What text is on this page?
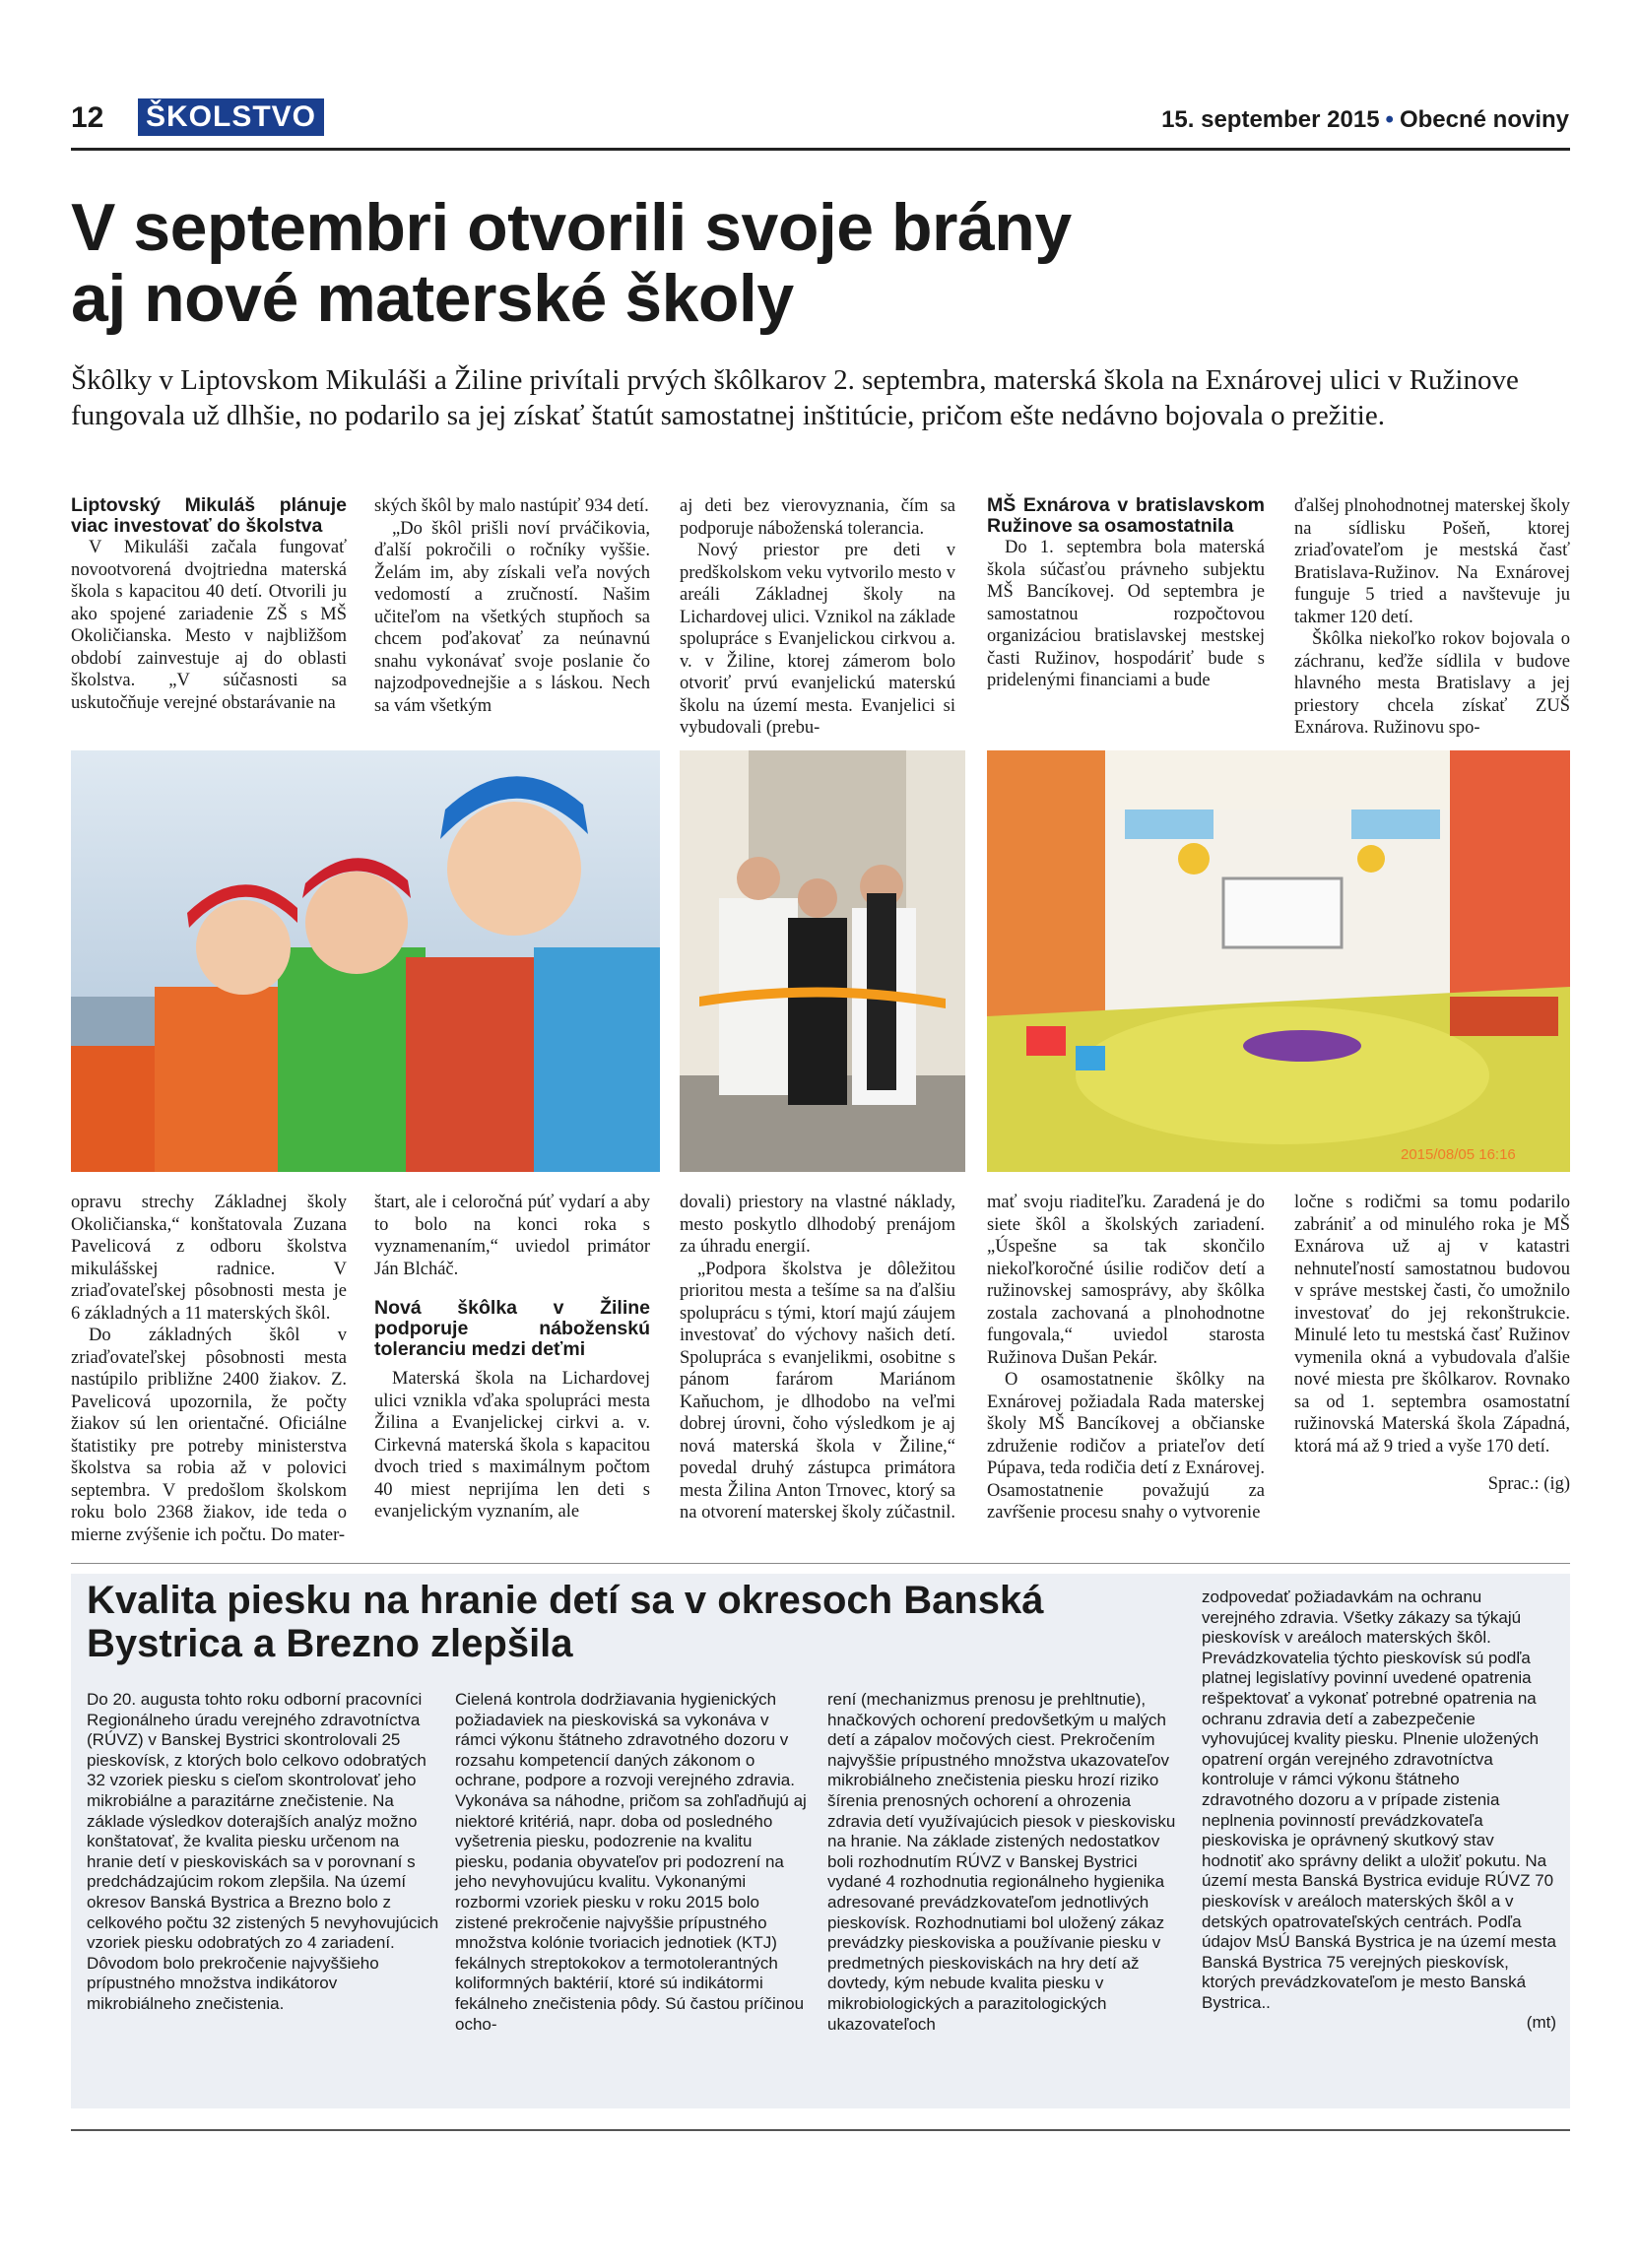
12 ŠKOLSTVO	15. september 2015 • Obecné noviny
V septembri otvorili svoje brány
aj nové materské školy
Škôlky v Liptovskom Mikuláši a Žiline privítali prvých škôlkarov 2. septembra, materská škola na Exnárovej ulici v Ružinove fungovala už dlhšie, no podarilo sa jej získať štatút samostatnej inštitúcie, pričom ešte nedávno bojovala o prežitie.

Liptovský Mikuláš plánuje viac investovať do školstva

V Mikuláši začala fungovať novootvorená dvojtriedna materská škola s kapacitou 40 detí. Otvorili ju ako spojené zariadenie ZŠ s MŠ Okoličianska. Mesto v najbližšom období zainvestuje aj do oblasti školstva. „V súčasnosti sa uskutočňuje verejné obstarávanie na

ských škôl by malo nastúpiť 934 detí.

„Do škôl prišli noví prváčikovia, ďalší pokročili o ročníky vyššie. Želám im, aby získali veľa nových vedomostí a zručností. Našim učiteľom na všetkých stupňoch sa chcem poďakovať za neúnavnú snahu vykonávať svoje poslanie čo najzodpovednejšie a s láskou. Nech sa vám všetkým

aj deti bez vierovyznania, čím sa podporuje náboženská tolerancia.

Nový priestor pre deti v predškolskom veku vytvorilo mesto v areáli Základnej školy na Lichardovej ulici. Vznikol na základe spolupráce s Evanjelickou cirkvou a. v. v Žiline, ktorej zámerom bolo otvoriť prvú evanjelickú materskú školu na území mesta. Evanjelici si vybudovali (prebu-

MŠ Exnárova v bratislavskom Ružinove sa osamostatnila

Do 1. septembra bola materská škola súčasťou právneho subjektu MŠ Bancíkovej. Od septembra je samostatnou rozpočtovou organizáciou bratislavskej mestskej časti Ružinov, hospodáriť bude s pridelenými financiami a bude

ďalšej plnohodnotnej materskej školy na sídlisku Pošeň, ktorej zriaďovateľom je mestská časť Bratislava-Ružinov. Na Exnárovej funguje 5 tried a navštevuje ju takmer 120 detí.

Škôlka niekoľko rokov bojovala o záchranu, keďže sídlila v budove hlavného mesta Bratislavy a jej priestory chcela získať ZUŠ Exnárova. Ružinovu spo-

2015/08/05 16:16

opravu strechy Základnej školy Okoličianska,“ konštatovala Zuzana Pavelicová z odboru školstva mikulášskej radnice. V zriaďovateľskej pôsobnosti mesta je 6 základných a 11 materských škôl.

Do základných škôl v zriaďovateľskej pôsobnosti mesta nastúpilo približne 2400 žiakov. Z. Pavelicová upozornila, že počty žiakov sú len orientačné. Oficiálne štatistiky pre potreby ministerstva školstva sa robia až v polovici septembra. V predošlom školskom roku bolo 2368 žiakov, ide teda o mierne zvýšenie ich počtu. Do mater-

štart, ale i celoročná púť vydarí a aby to bolo na konci roka s vyznamenaním,“ uviedol primátor Ján Blcháč.

Nová škôlka v Žiline podporuje náboženskú toleranciu medzi deťmi

Materská škola na Lichardovej ulici vznikla vďaka spolupráci mesta Žilina a Evanjelickej cirkvi a. v. Cirkevná materská škola s kapacitou dvoch tried s maximálnym počtom 40 miest neprijíma len deti s evanjelickým vyznaním, ale

dovali) priestory na vlastné náklady, mesto poskytlo dlhodobý prenájom za úhradu energií.

„Podpora školstva je dôležitou prioritou mesta a tešíme sa na ďalšiu spoluprácu s tými, ktorí majú záujem investovať do výchovy našich detí. Spolupráca s evanjelikmi, osobitne s pánom farárom Mariánom Kaňuchom, je dlhodobo na veľmi dobrej úrovni, čoho výsledkom je aj nová materská škola v Žiline,“ povedal druhý zástupca primátora mesta Žilina Anton Trnovec, ktorý sa na otvorení materskej školy zúčastnil.

mať svoju riaditeľku. Zaradená je do siete škôl a školských zariadení. „Úspešne sa tak skončilo niekoľkoročné úsilie rodičov detí a ružinovskej samosprávy, aby škôlka zostala zachovaná a plnohodnotne fungovala,“ uviedol starosta Ružinova Dušan Pekár.

O osamostatnenie škôlky na Exnárovej požiadala Rada materskej školy MŠ Bancíkovej a občianske združenie rodičov a priateľov detí Púpava, teda rodičia detí z Exnárovej. Osamostatnenie považujú za zavŕšenie procesu snahy o vytvorenie

ločne s rodičmi sa tomu podarilo zabrániť a od minulého roka je MŠ Exnárova už aj v katastri nehnuteľností samostatnou budovou v správe mestskej časti, čo umožnilo investovať do jej rekonštrukcie. Minulé leto tu mestská časť Ružinov vymenila okná a vybudovala ďalšie nové miesta pre škôlkarov. Rovnako sa od 1. septembra osamostatní ružinovská Materská škola Západná, ktorá má až 9 tried a vyše 170 detí.

Sprac.: (ig)

Kvalita piesku na hranie detí sa v okresoch Banská
Bystrica a Brezno zlepšila

Do 20. augusta tohto roku odborní pracovníci Regionálneho úradu verejného zdravotníctva (RÚVZ) v Banskej Bystrici skontrolovali 25 pieskovísk, z ktorých bolo celkovo odobratých 32 vzoriek piesku s cieľom skontrolovať jeho mikrobiálne a parazitárne znečistenie. Na základe výsledkov doterajších analýz možno konštatovať, že kvalita piesku určenom na hranie detí v pieskoviskách sa v porovnaní s predchádzajúcim rokom zlepšila. Na území okresov Banská Bystrica a Brezno bolo z celkového počtu 32 zistených 5 nevyhovujúcich vzoriek piesku odobratých zo 4 zariadení. Dôvodom bolo prekročenie najvyššieho prípustného množstva indikátorov mikrobiálneho znečistenia.

Cielená kontrola dodržiavania hygienických požiadaviek na pieskoviská sa vykonáva v rámci výkonu štátneho zdravotného dozoru v rozsahu kompetencií daných zákonom o ochrane, podpore a rozvoji verejného zdravia. Vykonáva sa náhodne, pričom sa zohľadňujú aj niektoré kritériá, napr. doba od posledného vyšetrenia piesku, podozrenie na kvalitu piesku, podania obyvateľov pri podozrení na jeho nevyhovujúcu kvalitu. Vykonanými rozbormi vzoriek piesku v roku 2015 bolo zistené prekročenie najvyššie prípustného množstva kolónie tvoriacich jednotiek (KTJ) fekálnych streptokokov a termotolerantných koliformných baktérií, ktoré sú indikátormi fekálneho znečistenia pôdy. Sú častou príčinou ocho-

rení (mechanizmus prenosu je prehltnutie), hnačkových ochorení predovšetkým u malých detí a zápalov močových ciest. Prekročením najvyššie prípustného množstva ukazovateľov mikrobiálneho znečistenia piesku hrozí riziko šírenia prenosných ochorení a ohrozenia zdravia detí využívajúcich piesok v pieskovisku na hranie. Na základe zistených nedostatkov boli rozhodnutím RÚVZ v Banskej Bystrici vydané 4 rozhodnutia regionálneho hygienika adresované prevádzkovateľom jednotlivých pieskovísk. Rozhodnutiami bol uložený zákaz prevádzky pieskoviska a používanie piesku v predmetných pieskoviskách na hry detí až dovtedy, kým nebude kvalita piesku v mikrobiologických a parazitologických ukazovateľoch

zodpovedať požiadavkám na ochranu verejného zdravia. Všetky zákazy sa týkajú pieskovísk v areáloch materských škôl. Prevádzkovatelia týchto pieskovísk sú podľa platnej legislatívy povinní uvedené opatrenia rešpektovať a vykonať potrebné opatrenia na ochranu zdravia detí a zabezpečenie vyhovujúcej kvality piesku. Plnenie uložených opatrení orgán verejného zdravotníctva kontroluje v rámci výkonu štátneho zdravotného dozoru a v prípade zistenia neplnenia povinností prevádzkovateľa pieskoviska je oprávnený skutkový stav hodnotiť ako správny delikt a uložiť pokutu. Na území mesta Banská Bystrica eviduje RÚVZ 70 pieskovísk v areáloch materských škôl a v detských opatrovateľských centrách. Podľa údajov MsÚ Banská Bystrica je na území mesta Banská Bystrica 75 verejných pieskovísk, ktorých prevádzkovateľom je mesto Banská Bystrica..

(mt)
